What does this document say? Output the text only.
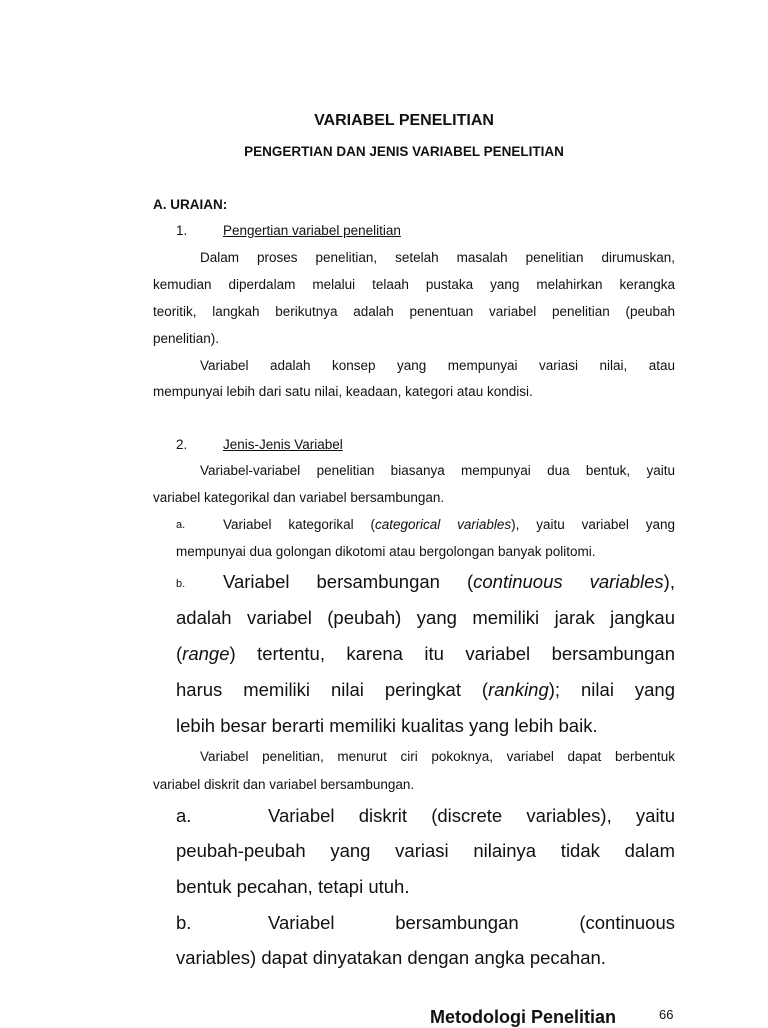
VARIABEL PENELITIAN
PENGERTIAN DAN JENIS VARIABEL PENELITIAN
A. URAIAN:
1.	Pengertian variabel penelitian
Dalam proses penelitian, setelah masalah penelitian dirumuskan,
kemudian diperdalam melalui telaah pustaka yang melahirkan kerangka
teoritik, langkah berikutnya adalah penentuan variabel penelitian (peubah
penelitian).
Variabel adalah konsep yang mempunyai variasi nilai, atau
mempunyai lebih dari satu nilai, keadaan, kategori atau kondisi.
2.	Jenis-Jenis Variabel
Variabel-variabel penelitian biasanya mempunyai dua bentuk, yaitu
variabel kategorikal dan variabel bersambungan.
a.	Variabel kategorikal (categorical variables), yaitu variabel yang
mempunyai dua golongan dikotomi atau bergolongan banyak politomi.
b. Variabel bersambungan (continuous variables),
adalah variabel (peubah) yang memiliki jarak jangkau
(range) tertentu, karena itu variabel bersambungan
harus memiliki nilai peringkat (ranking); nilai yang
lebih besar berarti memiliki kualitas yang lebih baik.
Variabel penelitian, menurut ciri pokoknya, variabel dapat berbentuk
variabel diskrit dan variabel bersambungan.
a.	Variabel diskrit (discrete variables), yaitu
peubah-peubah yang variasi nilainya tidak dalam
bentuk pecahan, tetapi utuh.
b.	Variabel bersambungan (continuous
variables) dapat dinyatakan dengan angka pecahan.
Metodologi Penelitian	66
